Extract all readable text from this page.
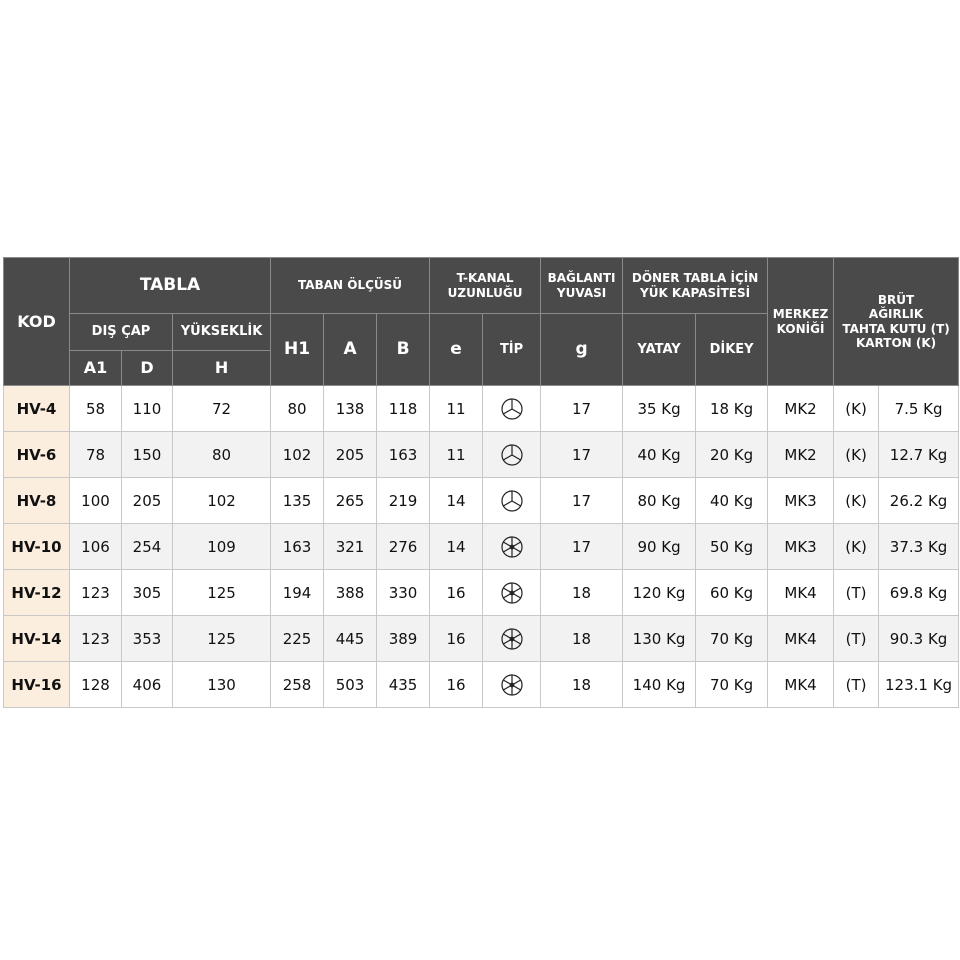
KOD	TABLA			TABAN ÖLÇÜSÜ			T-KANAL UZUNLUĞU		BAĞLANTI YUVASI	DÖNER TABLA İÇİN YÜK KAPASİTESİ		MERKEZ KONİĞİ	BRÜT
AĞIRLIK
TAHTA KUTU (T)
KARTON (K)	

	DIŞ ÇAP		YÜKSEKLİK	H1	A	B	e	TİP	g	YATAY	DİKEY			
	A1	D	H											
HV-4	58	110	72	80	138	118	11		17	35 Kg	18 Kg	MK2	(K)	7.5 Kg
HV-6	78	150	80	102	205	163	11		17	40 Kg	20 Kg	MK2	(K)	12.7 Kg
HV-8	100	205	102	135	265	219	14		17	80 Kg	40 Kg	MK3	(K)	26.2 Kg
HV-10	106	254	109	163	321	276	14		17	90 Kg	50 Kg	MK3	(K)	37.3 Kg
HV-12	123	305	125	194	388	330	16		18	120 Kg	60 Kg	MK4	(T)	69.8 Kg
HV-14	123	353	125	225	445	389	16		18	130 Kg	70 Kg	MK4	(T)	90.3 Kg
HV-16	128	406	130	258	503	435	16		18	140 Kg	70 Kg	MK4	(T)	123.1 Kg
